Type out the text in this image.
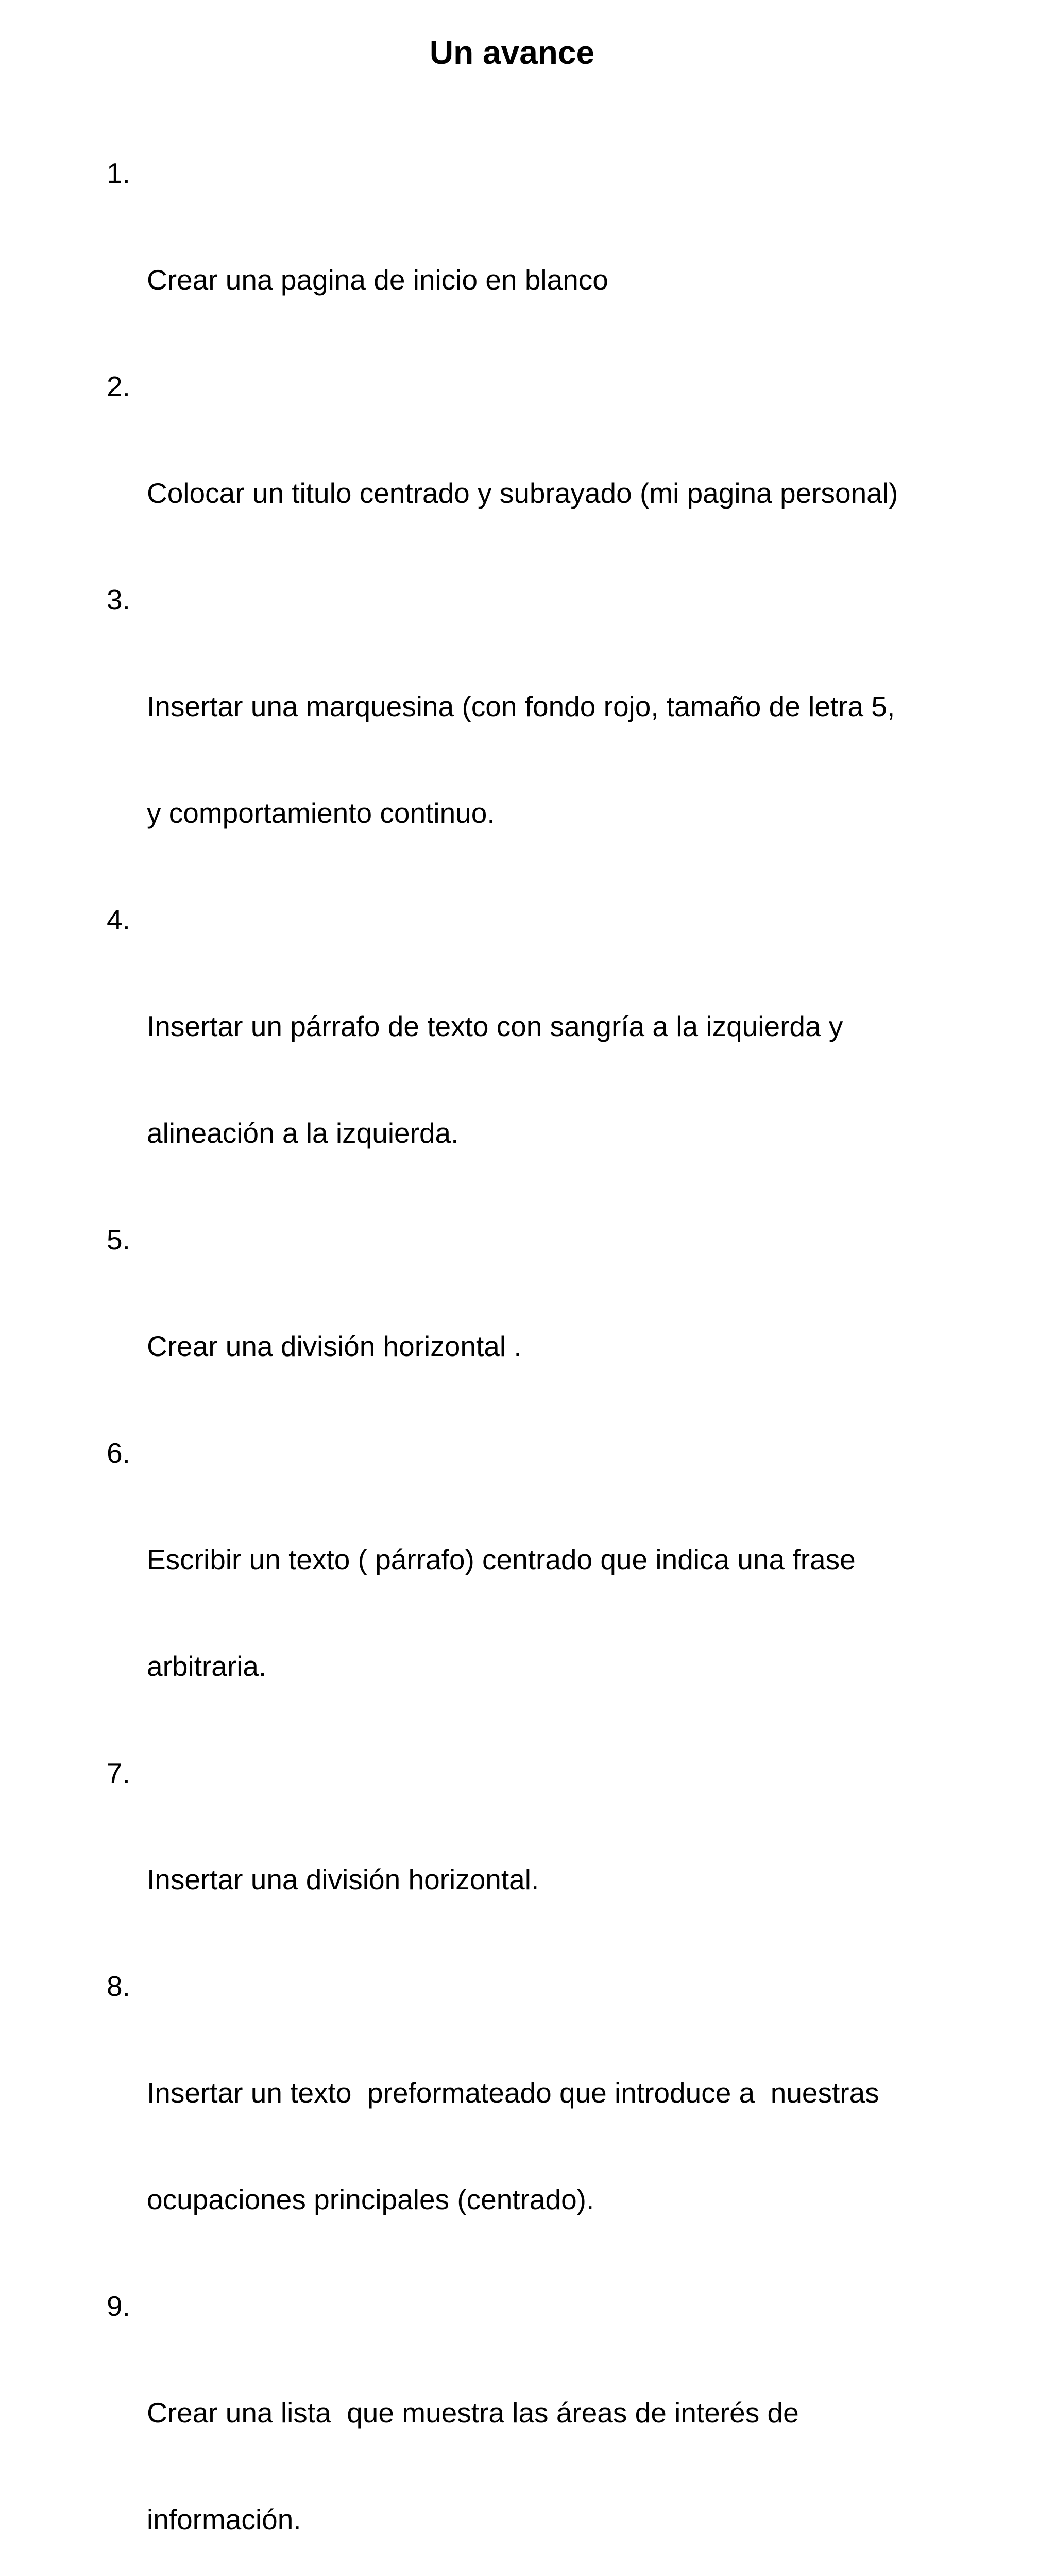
Un avance

1.

Crear una pagina de inicio en blanco

2.

Colocar un titulo centrado y subrayado (mi pagina personal)

3.

Insertar una marquesina (con fondo rojo, tamaño de letra 5,

y comportamiento continuo.

4.

Insertar un párrafo de texto con sangría a la izquierda y

alineación a la izquierda.

5.

Crear una división horizontal .

6.

Escribir un texto ( párrafo) centrado que indica una frase

arbitraria.

7.

Insertar una división horizontal.

8.

Insertar un texto  preformateado que introduce a  nuestras

ocupaciones principales (centrado).

9.

Crear una lista  que muestra las áreas de interés de

información.
